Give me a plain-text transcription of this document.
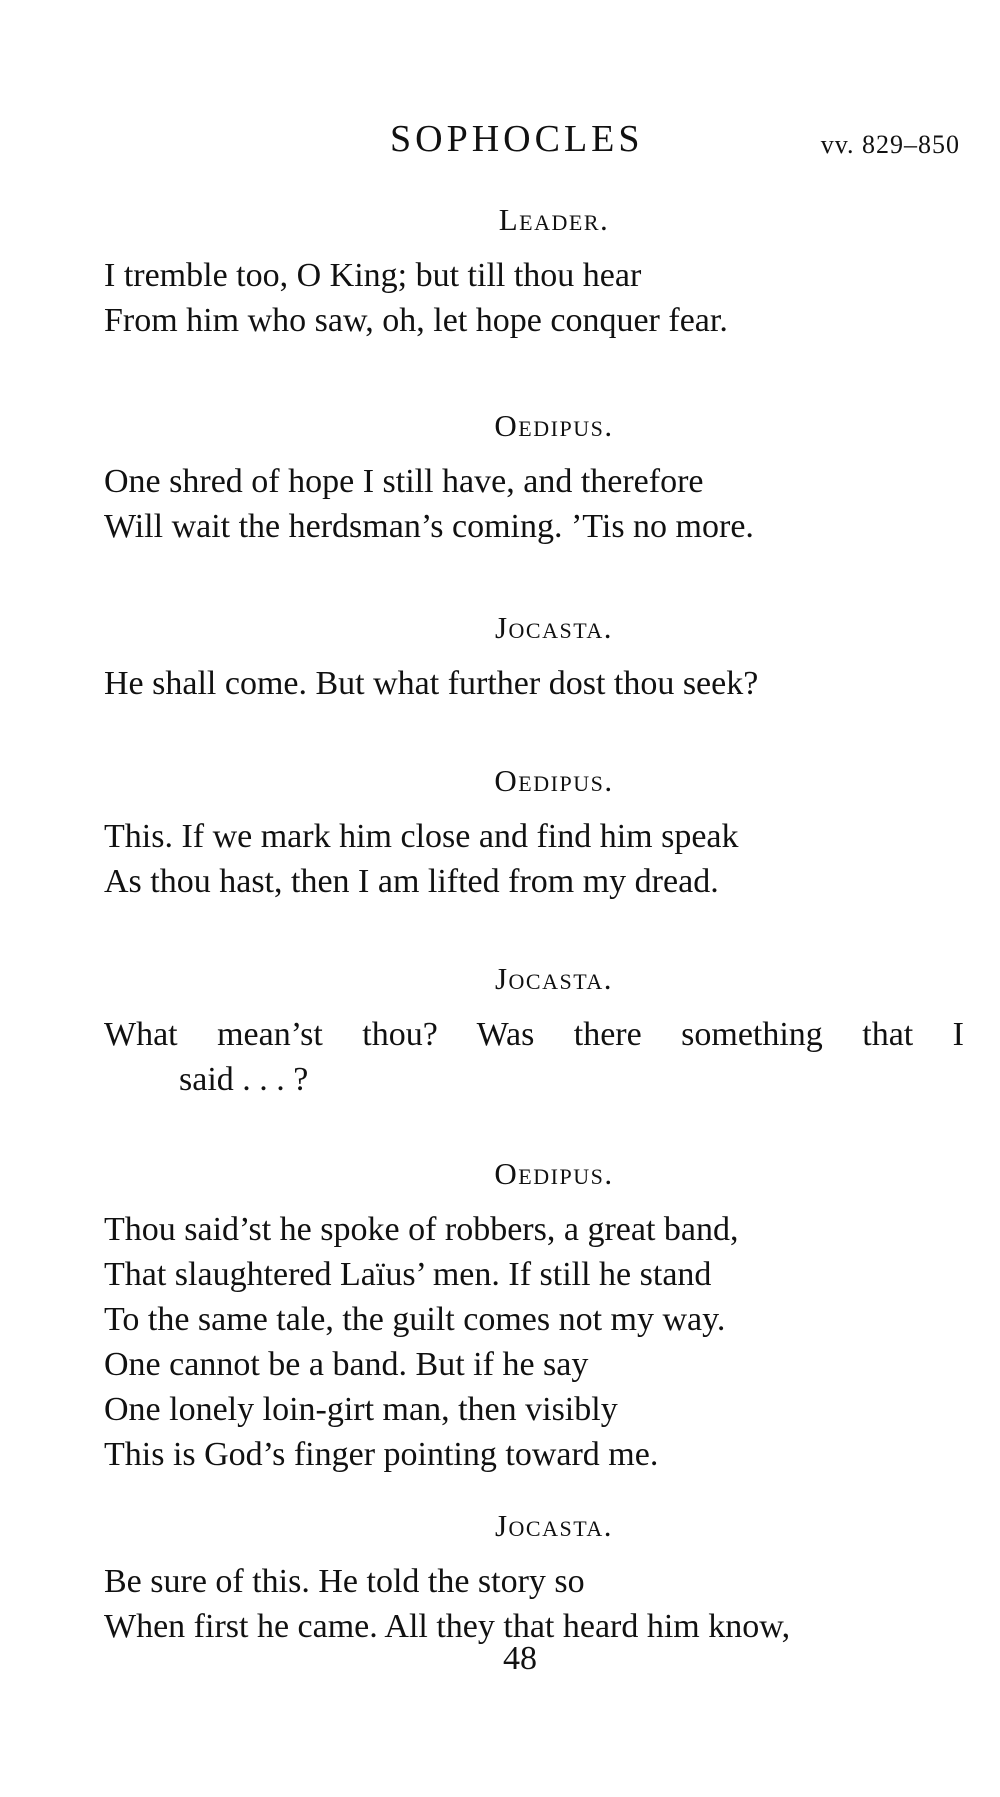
SOPHOCLES	vv. 829–850
Leader.
I tremble too, O King; but till thou hear
From him who saw, oh, let hope conquer fear.
Oedipus.
One shred of hope I still have, and therefore
Will wait the herdsman’s coming. ’Tis no more.
Jocasta.
He shall come. But what further dost thou seek?
Oedipus.
This. If we mark him close and find him speak
As thou hast, then I am lifted from my dread.
Jocasta.
What mean’st thou? Was there something that I
said . . . ?
Oedipus.
Thou said’st he spoke of robbers, a great band,
That slaughtered Laïus’ men. If still he stand
To the same tale, the guilt comes not my way.
One cannot be a band. But if he say
One lonely loin-girt man, then visibly
This is God’s finger pointing toward me.
Jocasta.
Be sure of this. He told the story so
When first he came. All they that heard him know,
48
